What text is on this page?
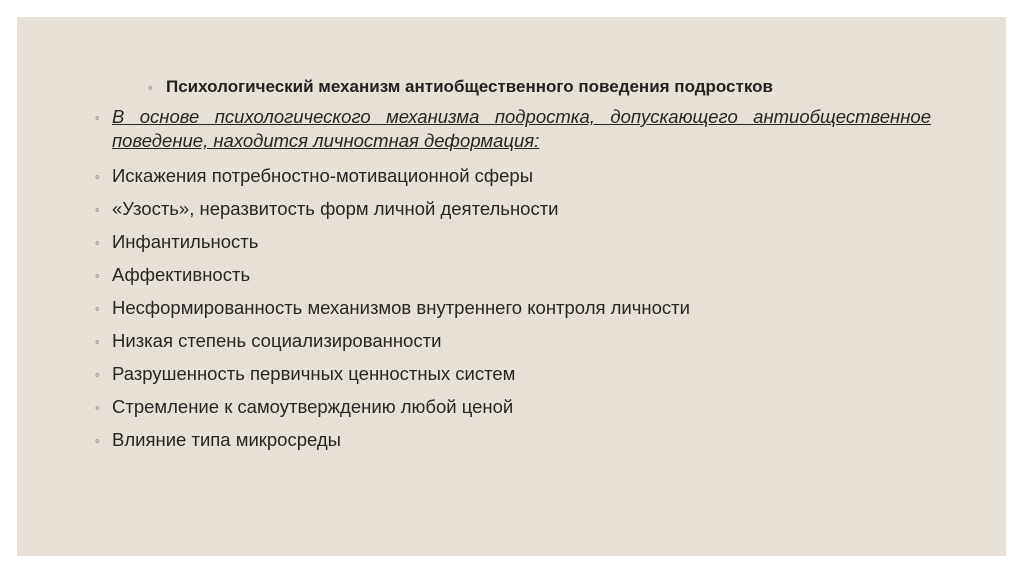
◦ Психологический механизм антиобщественного поведения подростков
◦ В основе психологического механизма подростка, допускающего антиобщественное поведение, находится личностная деформация:
◦ Искажения потребностно-мотивационной сферы
◦ «Узость», неразвитость форм личной деятельности
◦ Инфантильность
◦ Аффективность
◦ Несформированность механизмов внутреннего контроля личности
◦ Низкая степень социализированности
◦ Разрушенность первичных ценностных систем
◦ Стремление к самоутверждению любой ценой
◦ Влияние типа микросреды
